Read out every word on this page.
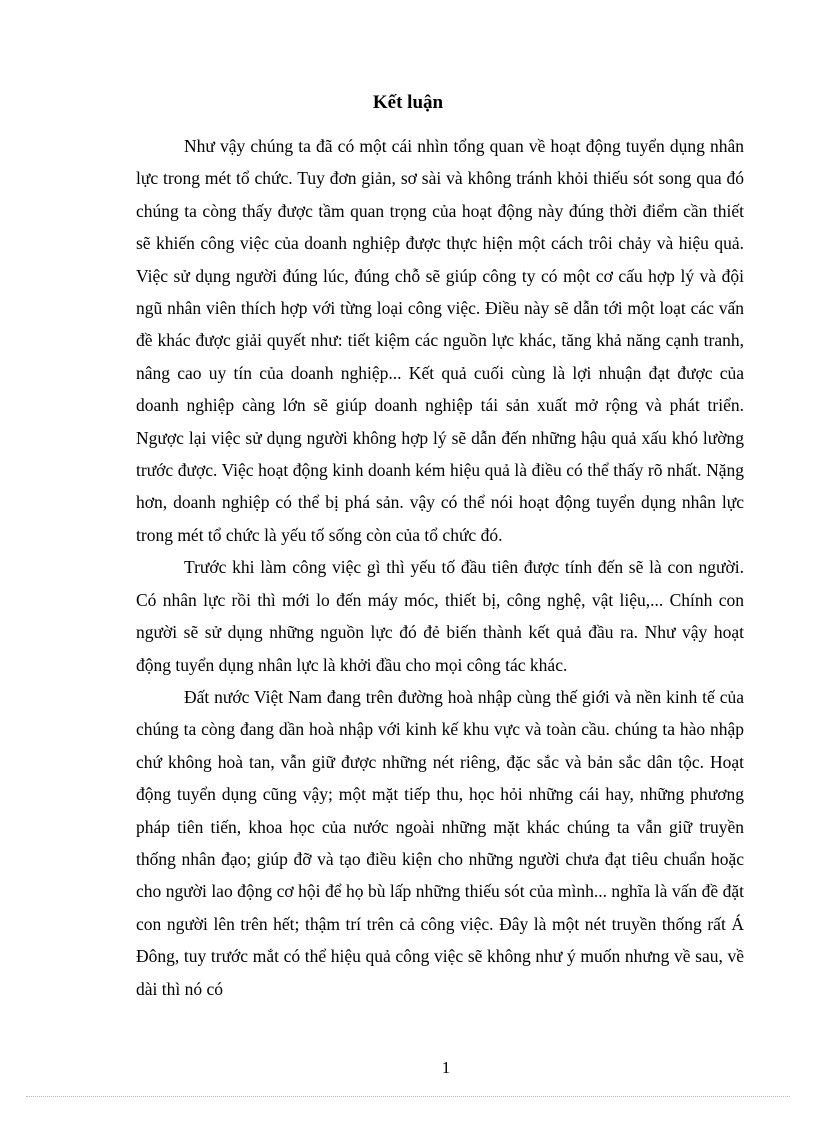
Kết luận

Như vậy chúng ta đã có một cái nhìn tổng quan về hoạt động tuyển dụng nhân lực trong mét tổ chức. Tuy đơn giản, sơ sài và không tránh khỏi thiếu sót song qua đó chúng ta còng thấy được tầm quan trọng của hoạt động này đúng thời điểm cần thiết sẽ khiến công việc của doanh nghiệp được thực hiện một cách trôi chảy và hiệu quả. Việc sử dụng người đúng lúc, đúng chỗ sẽ giúp công ty có một cơ cấu hợp lý và đội ngũ nhân viên thích hợp với từng loại công việc. Điều này sẽ dẫn tới một loạt các vấn đề khác được giải quyết như: tiết kiệm các nguồn lực khác, tăng khả năng cạnh tranh, nâng cao uy tín của doanh nghiệp... Kết quả cuối cùng là lợi nhuận đạt được của doanh nghiệp càng lớn sẽ giúp doanh nghiệp tái sản xuất mở rộng và phát triển. Ngược lại việc sử dụng người không hợp lý sẽ dẫn đến những hậu quả xấu khó lường trước được. Việc hoạt động kinh doanh kém hiệu quả là điều có thể thấy rõ nhất. Nặng hơn, doanh nghiệp có thể bị phá sản. vậy có thể nói hoạt động tuyển dụng nhân lực trong mét tổ chức là yếu tố sống còn của tổ chức đó.

Trước khi làm công việc gì thì yếu tố đầu tiên được tính đến sẽ là con người. Có nhân lực rồi thì mới lo đến máy móc, thiết bị, công nghệ, vật liệu,... Chính con người sẽ sử dụng những nguồn lực đó đẻ biến thành kết quả đầu ra. Như vậy hoạt động tuyển dụng nhân lực là khởi đầu cho mọi công tác khác.

Đất nước Việt Nam đang trên đường hoà nhập cùng thế giới và nền kinh tế của chúng ta còng đang dần hoà nhập với kinh kế khu vực và toàn cầu. chúng ta hào nhập chứ không hoà tan, vẫn giữ được những nét riêng, đặc sắc và bản sắc dân tộc. Hoạt động tuyển dụng cũng vậy; một mặt tiếp thu, học hỏi những cái hay, những phương pháp tiên tiến, khoa học của nước ngoài những mặt khác chúng ta vẫn giữ truyền thống nhân đạo; giúp đỡ và tạo điều kiện cho những người chưa đạt tiêu chuẩn hoặc cho người lao động cơ hội để họ bù lấp những thiếu sót của mình... nghĩa là vấn đề đặt con người lên trên hết; thậm trí trên cả công việc. Đây là một nét truyền thống rất Á Đông, tuy trước mắt có thể hiệu quả công việc sẽ không như ý muốn nhưng về sau, về dài thì nó có

1
